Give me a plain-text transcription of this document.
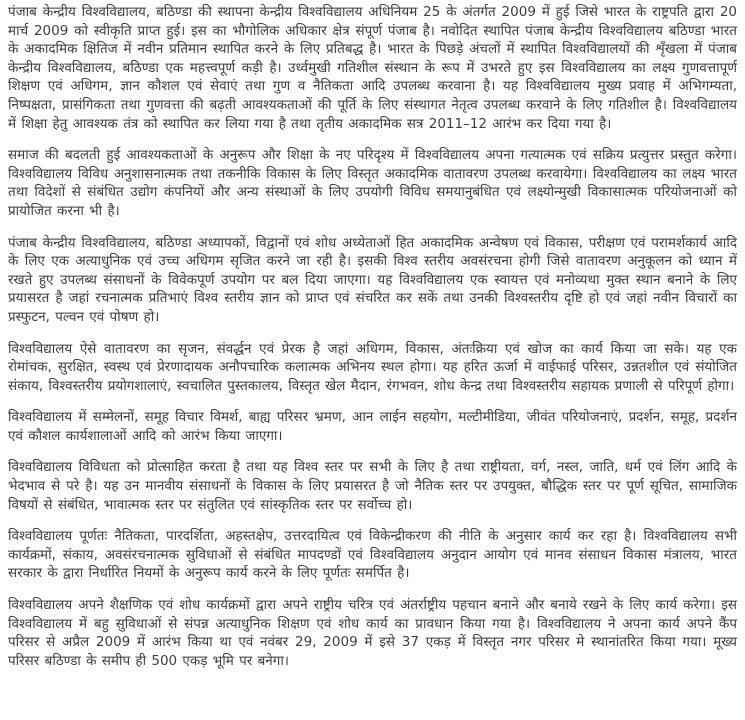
पंजाब केन्द्रीय विश्वविद्यालय, बठिण्डा की स्थापना केन्द्रीय विश्वविद्यालय अधिनियम 25 के अंतर्गत 2009 में हुई जिसे भारत के राष्ट्रपति द्वारा 20 मार्च 2009 को स्वीकृति प्राप्त हुई। इस का भौगोलिक अधिकार क्षेत्र संपूर्ण पंजाब है। नवोदित स्थापित पंजाब केन्द्रीय विश्वविद्यालय बठिण्डा भारत के अकादमिक क्षितिज में नवीन प्रतिमान स्थापित करने के लिए प्रतिबद्ध है। भारत के पिछड़े अंचलों में स्थापित विश्वविद्यालयों की शृँखला में पंजाब केन्द्रीय विश्वविद्यालय, बठिण्डा एक महत्त्वपूर्ण कड़ी है। उर्ध्वमुखी गतिशील संस्थान के रूप में उभरते हुए इस विश्वविद्यालय का लक्ष्य गुणवत्तापूर्ण शिक्षण एवं अधिगम, ज्ञान कौशल एवं सेवाएं तथा गुण व नैतिकता आदि उपलब्ध करवाना है। यह विश्वविद्यालय मुख्य प्रवाह में अभिगम्यता, निष्पक्षता, प्रासंगिकता तथा गुणवत्ता की बढ़ती आवश्यकताओं की पूर्ति के लिए संस्थागत नेतृत्व उपलब्ध करवाने के लिए गतिशील है। विश्वविद्यालय में शिक्षा हेतु आवश्यक तंत्र को स्थापित कर लिया गया है तथा तृतीय अकादमिक सत्र 2011–12 आरंभ कर दिया गया है।

समाज की बदलती हुई आवश्यकताओं के अनुरूप और शिक्षा के नए परिदृश्य में विश्वविद्यालय अपना गत्यात्मक एवं सक्रिय प्रत्युत्तर प्रस्तुत करेगा। विश्वविद्यालय विविध अनुशासनात्मक तथा तकनीकि विकास के लिए विस्तृत अकादमिक वातावरण उपलब्ध करवायेगा। विश्वविद्यालय का लक्ष्य भारत तथा विदेशों से संबंधित उद्योग कंपनियों और अन्य संस्थाओं के लिए उपयोगी विविध समयानुबंधित एवं लक्ष्योन्मुखी विकासात्मक परियोजनाओं को प्रायोजित करना भी है।

पंजाब केन्द्रीय विश्वविद्यालय, बठिण्डा अध्यापकों, विद्वानों एवं शोध अध्येताओं हित अकादमिक अन्वेषण एवं विकास, परीक्षण एवं परामर्शकार्य आदि के लिए एक अत्याधुनिक एवं उच्च अधिगम सृजित करने जा रही है। इसकी विश्व स्तरीय अवसंरचना होगी जिसे वातावरण अनुकूलन को ध्यान में रखते हुए उपलब्ध संसाधनों के विवेकपूर्ण उपयोग पर बल दिया जाएगा। यह विश्वविद्यालय एक स्वायत्त एवं मनोव्यथा मुक्त स्थान बनाने के लिए प्रयासरत है जहां रचनात्मक प्रतिभाएं विश्व स्तरीय ज्ञान को प्राप्त एवं संचरित कर सकें तथा उनकी विश्वस्तरीय दृष्टि हो एवं जहां नवीन विचारों का प्रस्फुटन, पल्वन एवं पोषण हो।

विश्वविद्यालय ऐसे वातावरण का सृजन, संवर्द्धन एवं प्रेरक है जहां अधिगम, विकास, अंतःक्रिया एवं खोज का कार्य किया जा सके। यह एक रोमांचक, सुरक्षित, स्वस्थ एवं प्रेरणादायक अनौपचारिक कलात्मक अभिनय स्थल होगा। यह हरित ऊर्जा में वाईफाई परिसर, उन्नतशील एवं संयोजित संकाय, विश्वस्तरीय प्रयोगशालाएं, स्वचालित पुस्तकालय, विस्तृत खेल मैदान, रंगभवन, शोध केन्द्र तथा विश्वस्तरीय सहायक प्रणाली से परिपूर्ण होगा।

विश्वविद्यालय में सम्मेलनों, समूह विचार विमर्श, बाह्य परिसर भ्रमण, आन लाईन सहयोग, मल्टीमीडिया, जीवंत परियोजनाएं, प्रदर्शन, समूह, प्रदर्शन एवं कौशल कार्यशालाओं आदि को आरंभ किया जाएगा।

विश्वविद्यालय विविधता को प्रोत्साहित करता है तथा यह विश्व स्तर पर सभी के लिए है तथा राष्ट्रीयता, वर्ग, नस्ल, जाति, धर्म एवं लिंग आदि के भेदभाव से परे है। यह उन मानवीय संसाधनों के विकास के लिए प्रयासरत है जो नैतिक स्तर पर उपयुक्त, बौद्धिक स्तर पर पूर्ण सूचित, सामाजिक विषयों से संबंधित, भावात्मक स्तर पर संतुलित एवं सांस्कृतिक स्तर पर सर्वोच्च हो।

विश्वविद्यालय पूर्णतः नैतिकता, पारदर्शिता, अहस्तक्षेप, उत्तरदायित्व एवं विकेन्द्रीकरण की नीति के अनुसार कार्य कर रहा है। विश्वविद्यालय सभी कार्यक्रमों, संकाय, अवसंरचनात्मक सुविधाओं से संबंधित मापदण्डों एवं विश्वविद्यालय अनुदान आयोग एवं मानव संसाधन विकास मंत्रालय, भारत सरकार के द्वारा निर्धारित नियमों के अनुरूप कार्य करने के लिए पूर्णतः समर्पित है।

विश्वविद्यालय अपने शैक्षणिक एवं शोध कार्यक्रमों द्वारा अपने राष्ट्रीय चरित्र एवं अंतर्राष्ट्रीय पहचान बनाने और बनाये रखने के लिए कार्य करेगा। इस विश्वविद्यालय में बहु सुविधाओं से संपन्न अत्याधुनिक शिक्षण एवं शोध कार्य का प्रावधान किया गया है। विश्वविद्यालय ने अपना कार्य अपने कैंप परिसर से अप्रैल 2009 में आरंभ किया था एवं नवंबर 29, 2009 में इसे 37 एकड़ में विस्तृत नगर परिसर मे स्थानांतरित किया गया। मूख्य परिसर बठिण्डा के समीप ही 500 एकड़ भूमि पर बनेगा।
